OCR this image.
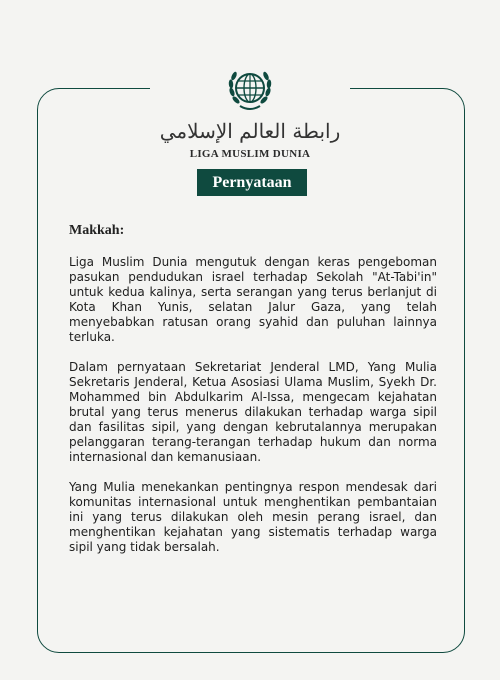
رابطة العالم الإسلامي
LIGA MUSLIM DUNIA
Pernyataan
Makkah:

Liga Muslim Dunia mengutuk dengan keras pengeboman pasukan pendudukan israel terhadap Sekolah "At-Tabi'in" untuk kedua kalinya, serta serangan yang terus berlanjut di Kota Khan Yunis, selatan Jalur Gaza, yang telah menyebabkan ratusan orang syahid dan puluhan lainnya terluka.

Dalam pernyataan Sekretariat Jenderal LMD, Yang Mulia Sekretaris Jenderal, Ketua Asosiasi Ulama Muslim, Syekh Dr. Mohammed bin Abdulkarim Al-Issa, mengecam kejahatan brutal yang terus menerus dilakukan terhadap warga sipil dan fasilitas sipil, yang dengan kebrutalannya merupakan pelanggaran terang-terangan terhadap hukum dan norma internasional dan kemanusiaan.

Yang Mulia menekankan pentingnya respon mendesak dari komunitas internasional untuk menghentikan pembantaian ini yang terus dilakukan oleh mesin perang israel, dan menghentikan kejahatan yang sistematis terhadap warga sipil yang tidak bersalah.
